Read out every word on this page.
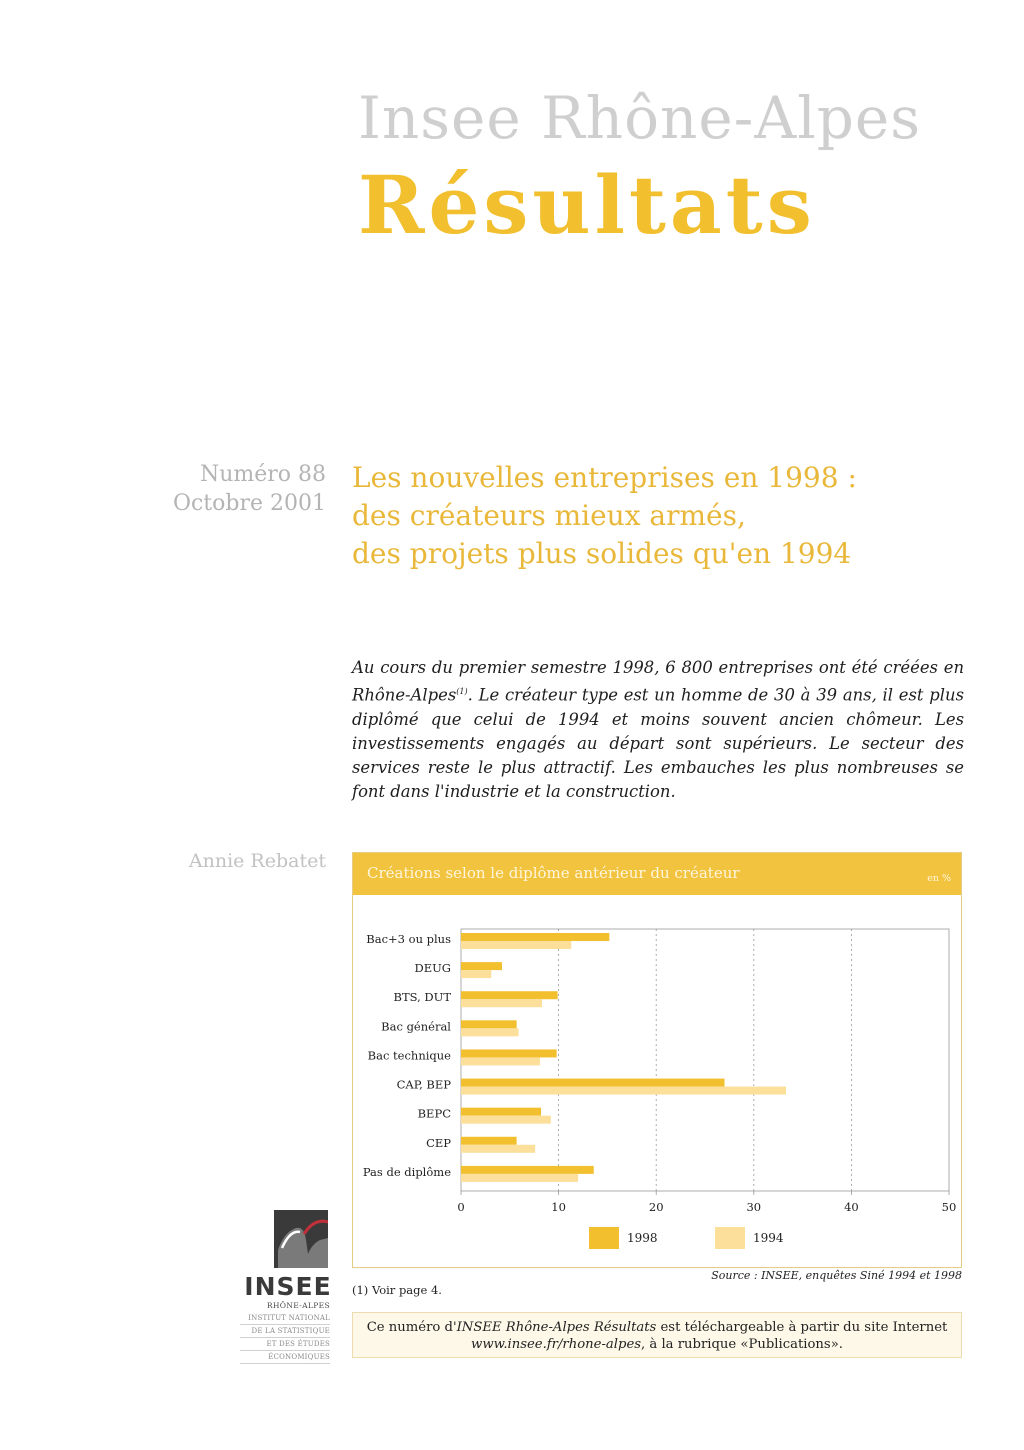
Insee Rhône-Alpes
Résultats
Numéro 88
Octobre 2001
Les nouvelles entreprises en 1998 :
des créateurs mieux armés,
des projets plus solides qu'en 1994
Au cours du premier semestre 1998, 6 800 entreprises ont été créées en Rhône-Alpes$^{(1)}$. Le créateur type est un homme de 30 à 39 ans, il est plus diplômé que celui de 1994 et moins souvent ancien chômeur. Les investissements engagés au départ sont supérieurs. Le secteur des services reste le plus attractif. Les embauches les plus nombreuses se font dans l'industrie et la construction.
Annie Rebatet
Créations selon le diplôme antérieur du créateur	en %
Bac+3 ou plus
DEUG
BTS, DUT
Bac général
Bac technique
CAP, BEP
BEPC
CEP
Pas de diplôme
0	10	20	30	40	50
1998	1994
Source : INSEE, enquêtes Siné 1994 et 1998
(1) Voir page 4.
Ce numéro d'INSEE Rhône-Alpes Résultats est téléchargeable à partir du site Internet
www.insee.fr/rhone-alpes, à la rubrique «Publications».
INSEE
RHÔNE-ALPES
INSTITUT NATIONAL
DE LA STATISTIQUE
ET DES ÉTUDES
ÉCONOMIQUES
